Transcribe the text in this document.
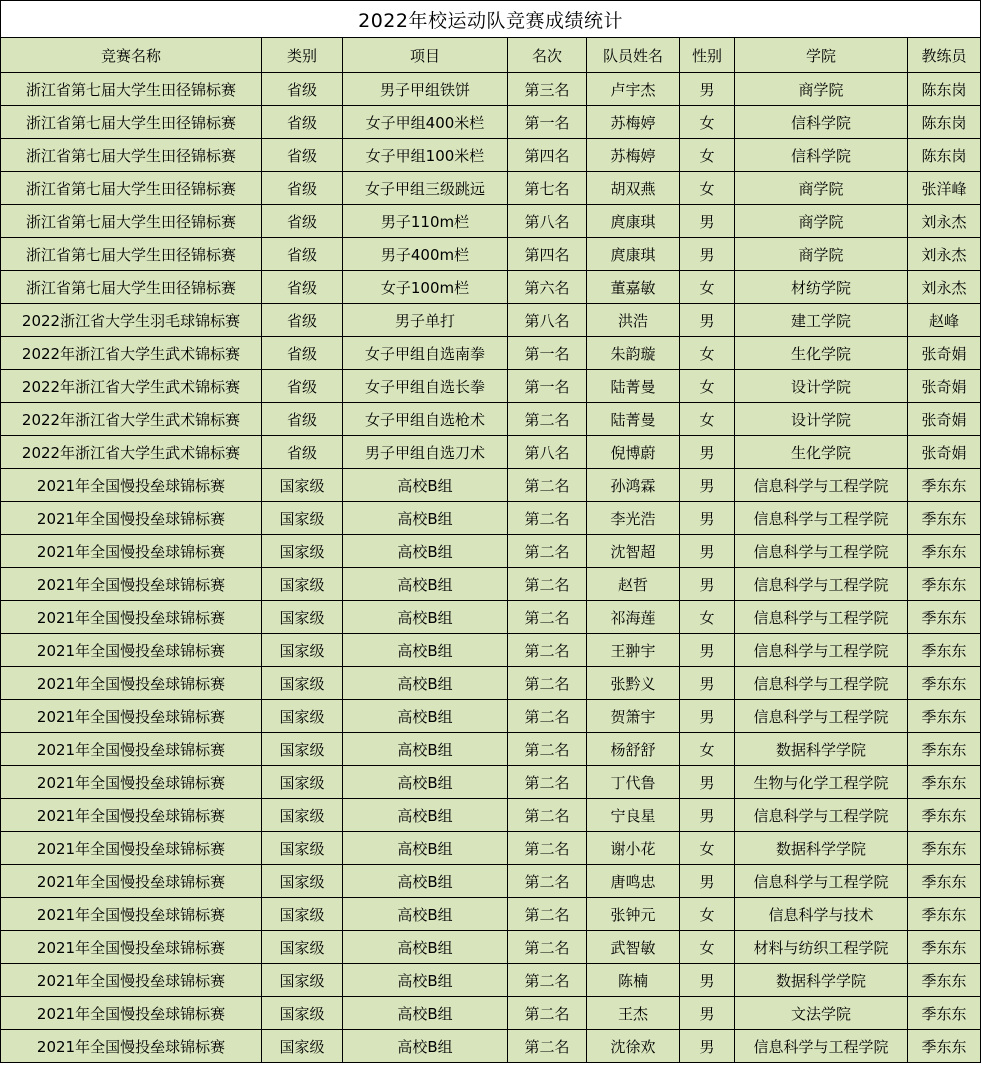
2022年校运动队竞赛成绩统计							
竞赛名称	类别	项目	名次	队员姓名	性别	学院	教练员
浙江省第七届大学生田径锦标赛	省级	男子甲组铁饼	第三名	卢宇杰	男	商学院	陈东岗
浙江省第七届大学生田径锦标赛	省级	女子甲组400米栏	第一名	苏梅婷	女	信科学院	陈东岗
浙江省第七届大学生田径锦标赛	省级	女子甲组100米栏	第四名	苏梅婷	女	信科学院	陈东岗
浙江省第七届大学生田径锦标赛	省级	女子甲组三级跳远	第七名	胡双燕	女	商学院	张洋峰
浙江省第七届大学生田径锦标赛	省级	男子110m栏	第八名	庹康琪	男	商学院	刘永杰
浙江省第七届大学生田径锦标赛	省级	男子400m栏	第四名	庹康琪	男	商学院	刘永杰
浙江省第七届大学生田径锦标赛	省级	女子100m栏	第六名	董嘉敏	女	材纺学院	刘永杰
2022浙江省大学生羽毛球锦标赛	省级	男子单打	第八名	洪浩	男	建工学院	赵峰
2022年浙江省大学生武术锦标赛	省级	女子甲组自选南拳	第一名	朱韵璇	女	生化学院	张奇娟
2022年浙江省大学生武术锦标赛	省级	女子甲组自选长拳	第一名	陆菁曼	女	设计学院	张奇娟
2022年浙江省大学生武术锦标赛	省级	女子甲组自选枪术	第二名	陆菁曼	女	设计学院	张奇娟
2022年浙江省大学生武术锦标赛	省级	男子甲组自选刀术	第八名	倪博蔚	男	生化学院	张奇娟
2021年全国慢投垒球锦标赛	国家级	高校B组	第二名	孙鸿霖	男	信息科学与工程学院	季东东
2021年全国慢投垒球锦标赛	国家级	高校B组	第二名	李光浩	男	信息科学与工程学院	季东东
2021年全国慢投垒球锦标赛	国家级	高校B组	第二名	沈智超	男	信息科学与工程学院	季东东
2021年全国慢投垒球锦标赛	国家级	高校B组	第二名	赵哲	男	信息科学与工程学院	季东东
2021年全国慢投垒球锦标赛	国家级	高校B组	第二名	祁海莲	女	信息科学与工程学院	季东东
2021年全国慢投垒球锦标赛	国家级	高校B组	第二名	王翀宇	男	信息科学与工程学院	季东东
2021年全国慢投垒球锦标赛	国家级	高校B组	第二名	张黔义	男	信息科学与工程学院	季东东
2021年全国慢投垒球锦标赛	国家级	高校B组	第二名	贺箫宇	男	信息科学与工程学院	季东东
2021年全国慢投垒球锦标赛	国家级	高校B组	第二名	杨舒舒	女	数据科学学院	季东东
2021年全国慢投垒球锦标赛	国家级	高校B组	第二名	丁代鲁	男	生物与化学工程学院	季东东
2021年全国慢投垒球锦标赛	国家级	高校B组	第二名	宁良星	男	信息科学与工程学院	季东东
2021年全国慢投垒球锦标赛	国家级	高校B组	第二名	谢小花	女	数据科学学院	季东东
2021年全国慢投垒球锦标赛	国家级	高校B组	第二名	唐鸣忠	男	信息科学与工程学院	季东东
2021年全国慢投垒球锦标赛	国家级	高校B组	第二名	张钟元	女	信息科学与技术	季东东
2021年全国慢投垒球锦标赛	国家级	高校B组	第二名	武智敏	女	材料与纺织工程学院	季东东
2021年全国慢投垒球锦标赛	国家级	高校B组	第二名	陈楠	男	数据科学学院	季东东
2021年全国慢投垒球锦标赛	国家级	高校B组	第二名	王杰	男	文法学院	季东东
2021年全国慢投垒球锦标赛	国家级	高校B组	第二名	沈徐欢	男	信息科学与工程学院	季东东
